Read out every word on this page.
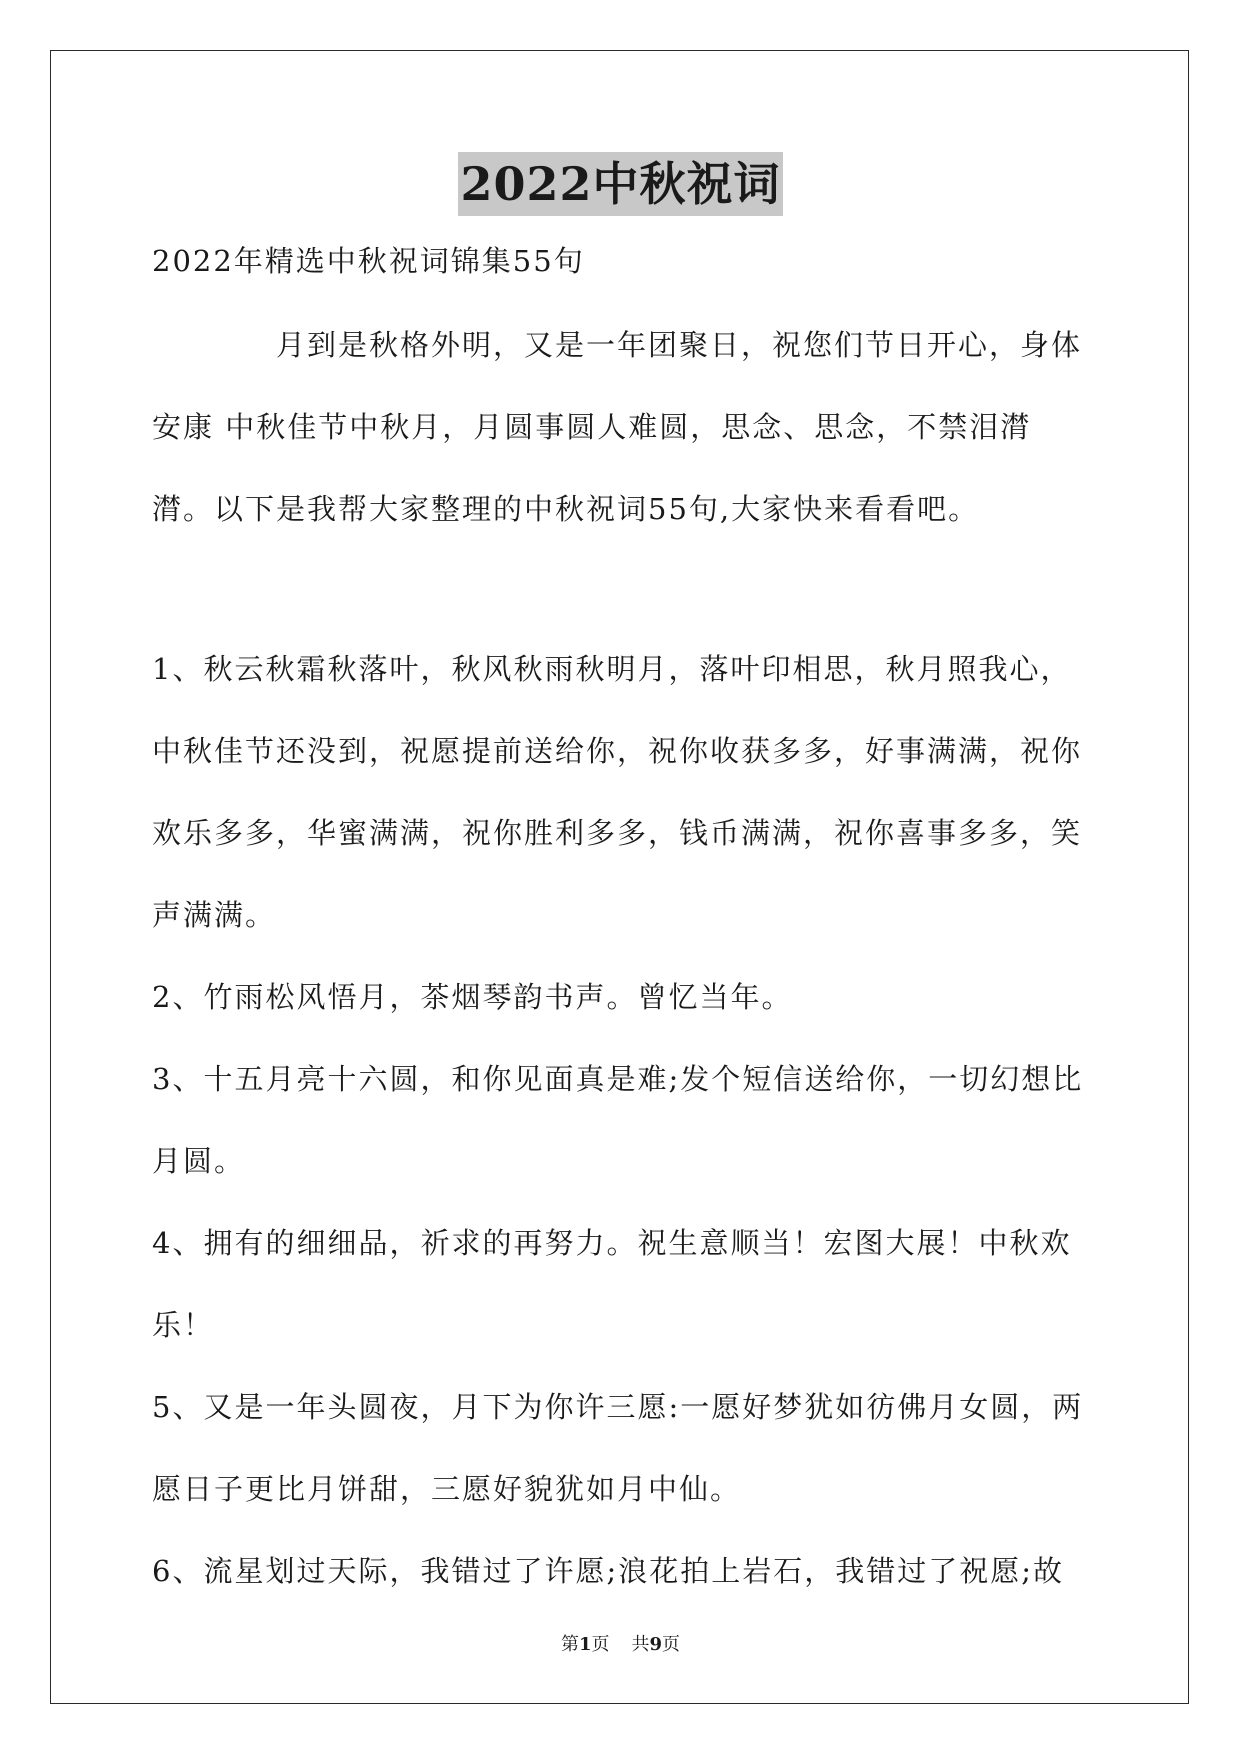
2022中秋祝词

2022年精选中秋祝词锦集55句

月到是秋格外明，又是一年团聚日，祝您们节日开心，身体安康 中秋佳节中秋月，月圆事圆人难圆，思念、思念，不禁泪潸潸。以下是我帮大家整理的中秋祝词55句,大家快来看看吧。

1、秋云秋霜秋落叶，秋风秋雨秋明月，落叶印相思，秋月照我心，中秋佳节还没到，祝愿提前送给你，祝你收获多多，好事满满，祝你欢乐多多，华蜜满满，祝你胜利多多，钱币满满，祝你喜事多多，笑声满满。

2、竹雨松风悟月，茶烟琴韵书声。曾忆当年。

3、十五月亮十六圆，和你见面真是难;发个短信送给你，一切幻想比月圆。

4、拥有的细细品，祈求的再努力。祝生意顺当！宏图大展！中秋欢乐！

5、又是一年头圆夜，月下为你许三愿:一愿好梦犹如彷佛月女圆，两愿日子更比月饼甜，三愿好貌犹如月中仙。

6、流星划过天际，我错过了许愿;浪花拍上岩石，我错过了祝愿;故

第1页 共9页
